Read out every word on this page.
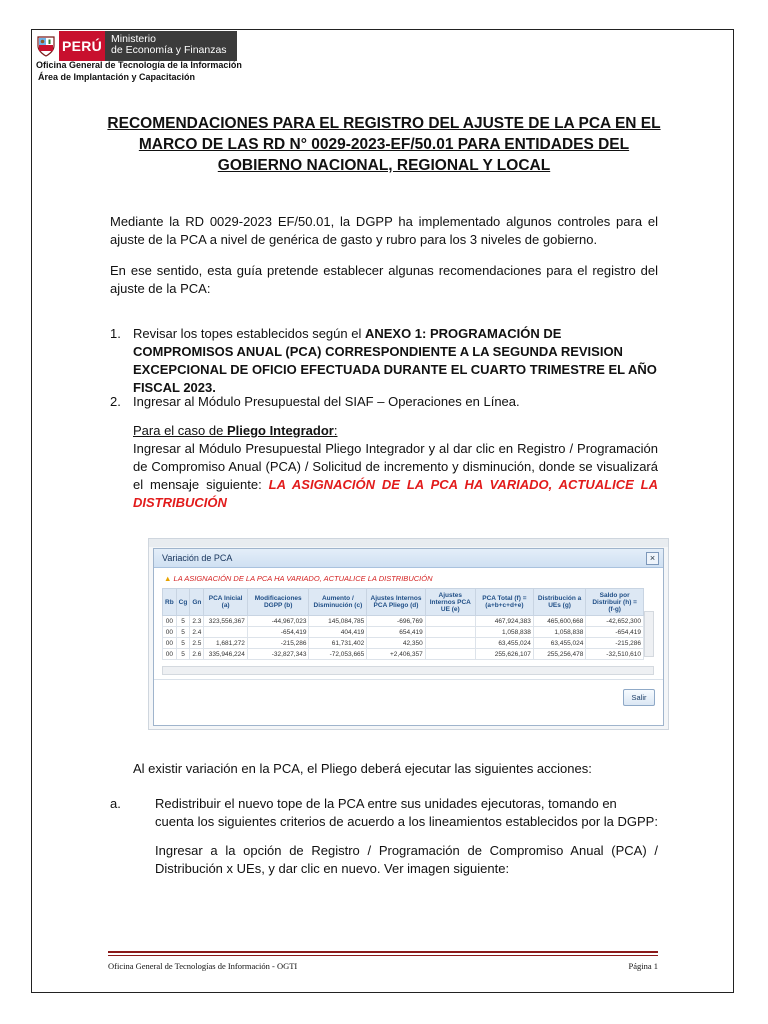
PERÚ Ministerio
de Economía y Finanzas
Oficina General de Tecnología de la Información
Área de Implantación y Capacitación
RECOMENDACIONES PARA EL REGISTRO DEL AJUSTE DE LA PCA EN EL MARCO DE LAS RD N° 0029-2023-EF/50.01 PARA ENTIDADES DEL GOBIERNO NACIONAL, REGIONAL Y LOCAL
Mediante la RD 0029-2023 EF/50.01, la DGPP ha implementado algunos controles para el ajuste de la PCA a nivel de genérica de gasto y rubro para los 3 niveles de gobierno.
En ese sentido, esta guía pretende establecer algunas recomendaciones para el registro del ajuste de la PCA:
1. Revisar los topes establecidos según el ANEXO 1: PROGRAMACIÓN DE COMPROMISOS ANUAL (PCA) CORRESPONDIENTE A LA SEGUNDA REVISION EXCEPCIONAL DE OFICIO EFECTUADA DURANTE EL CUARTO TRIMESTRE EL AÑO FISCAL 2023.
2. Ingresar al Módulo Presupuestal del SIAF – Operaciones en Línea.
Para el caso de Pliego Integrador:
Ingresar al Módulo Presupuestal Pliego Integrador y al dar clic en Registro / Programación de Compromiso Anual (PCA) / Solicitud de incremento y disminución, donde se visualizará el mensaje siguiente: LA ASIGNACIÓN DE LA PCA HA VARIADO, ACTUALICE LA DISTRIBUCIÓN
Variación de PCA	×
▲ LA ASIGNACIÓN DE LA PCA HA VARIADO, ACTUALICE LA DISTRIBUCIÓN
Rb	Cg	Gn	PCA Inicial (a)	Modificaciones DGPP (b)	Aumento / Disminución (c)	Ajustes Internos PCA Pliego (d)	Ajustes Internos PCA UE (e)	PCA Total (f) = (a+b+c+d+e)	Distribución a UEs (g)	Saldo por Distribuir (h) = (f-g)
00	5	2.3	323,556,367	-44,967,023	145,084,785	-696,769		467,924,383	465,600,668	-42,652,300
00	5	2.4		-654,419	404,419	654,419		1,058,838	1,058,838	-654,419
00	5	2.5	1,681,272	-215,286	61,731,402	42,350		63,455,024	63,455,024	-215,286
00	5	2.6	335,946,224	-32,827,343	-72,053,665	+2,406,357		255,626,107	255,256,478	-32,510,610
Salir
Al existir variación en la PCA, el Pliego deberá ejecutar las siguientes acciones:
a.	Redistribuir el nuevo tope de la PCA entre sus unidades ejecutoras, tomando en cuenta los siguientes criterios de acuerdo a los lineamientos establecidos por la DGPP:
Ingresar a la opción de Registro / Programación de Compromiso Anual (PCA) / Distribución x UEs, y dar clic en nuevo. Ver imagen siguiente:
Oficina General de Tecnologías de Información - OGTI	Página 1
